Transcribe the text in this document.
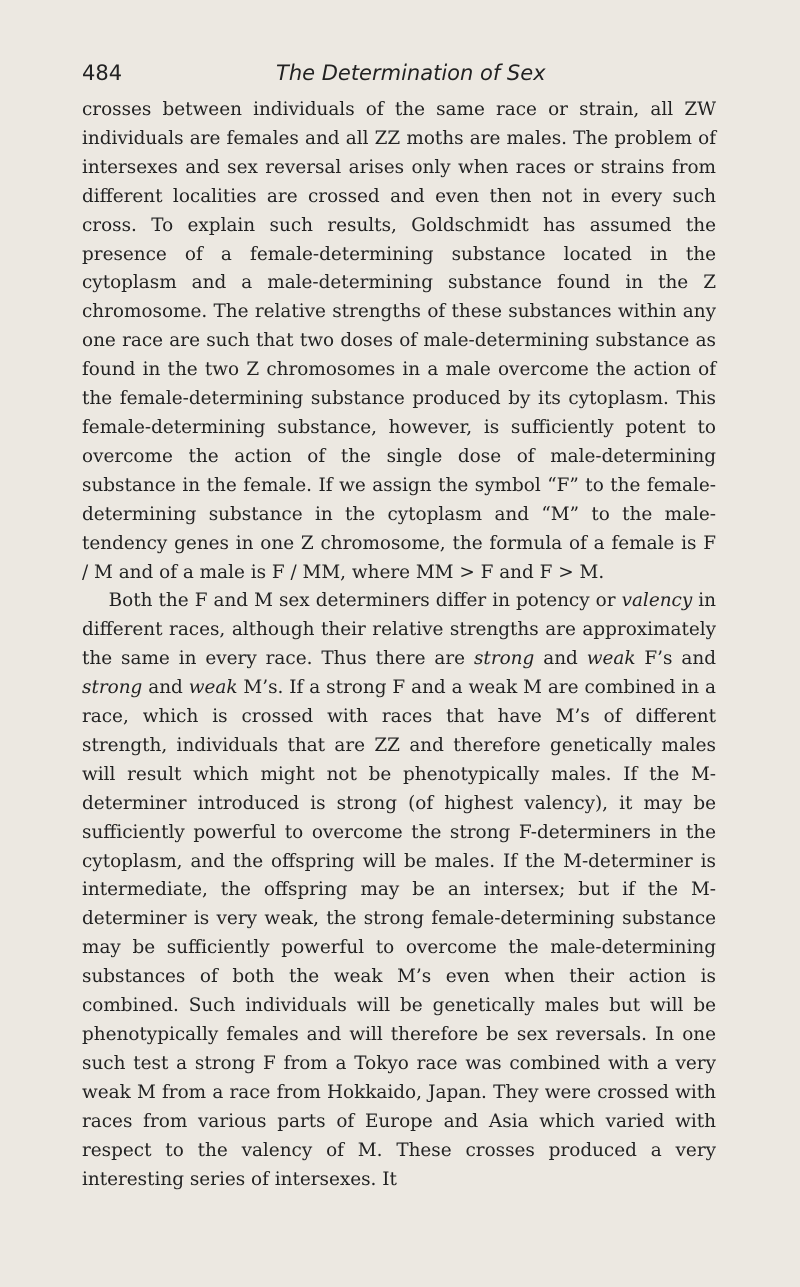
484	The Determination of Sex

crosses between individuals of the same race or strain, all ZW individuals are females and all ZZ moths are males. The problem of intersexes and sex reversal arises only when races or strains from different localities are crossed and even then not in every such cross. To explain such results, Goldschmidt has assumed the presence of a female-determining substance located in the cytoplasm and a male-determining substance found in the Z chromosome. The relative strengths of these substances within any one race are such that two doses of male-determining substance as found in the two Z chromosomes in a male overcome the action of the female-determining substance produced by its cytoplasm. This female-determining substance, however, is sufficiently potent to overcome the action of the single dose of male-determining substance in the female. If we assign the symbol “F” to the female-determining substance in the cytoplasm and “M” to the male-tendency genes in one Z chromosome, the formula of a female is F / M and of a male is F / MM, where MM > F and F > M.

Both the F and M sex determiners differ in potency or valency in different races, although their relative strengths are approximately the same in every race. Thus there are strong and weak F’s and strong and weak M’s. If a strong F and a weak M are combined in a race, which is crossed with races that have M’s of different strength, individuals that are ZZ and therefore genetically males will result which might not be phenotypically males. If the M-determiner introduced is strong (of highest valency), it may be sufficiently powerful to overcome the strong F-determiners in the cytoplasm, and the offspring will be males. If the M-determiner is intermediate, the offspring may be an intersex; but if the M-determiner is very weak, the strong female-determining substance may be sufficiently powerful to overcome the male-determining substances of both the weak M’s even when their action is combined. Such individuals will be genetically males but will be phenotypically females and will therefore be sex reversals. In one such test a strong F from a Tokyo race was combined with a very weak M from a race from Hokkaido, Japan. They were crossed with races from various parts of Europe and Asia which varied with respect to the valency of M. These crosses produced a very interesting series of intersexes. It
